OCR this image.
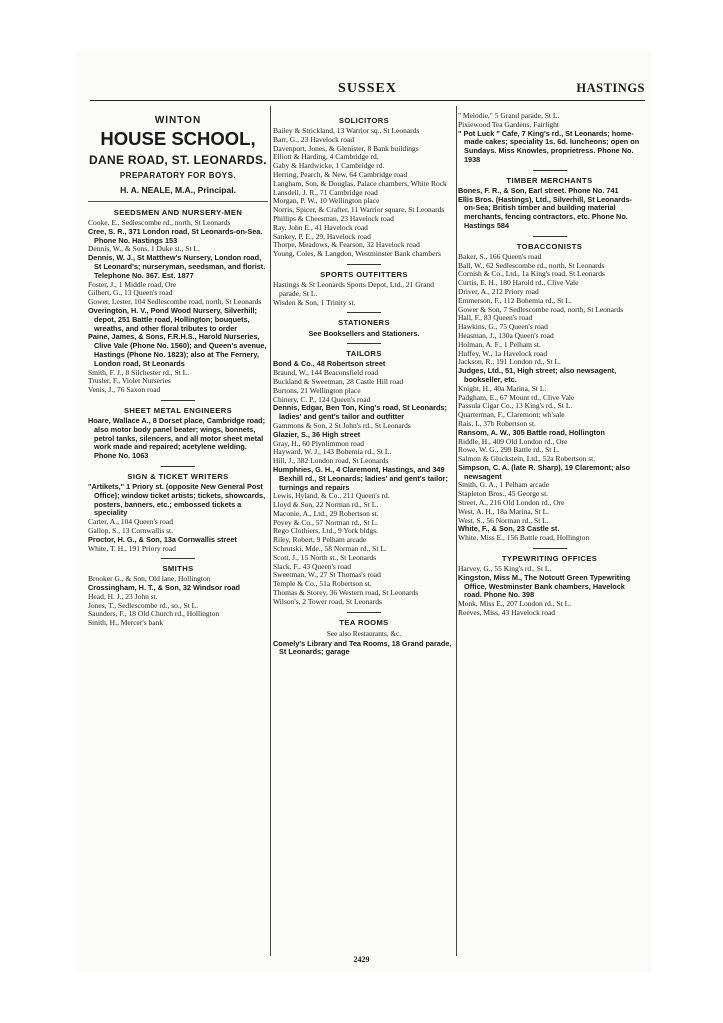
SUSSEX	HASTINGS
WINTON
HOUSE SCHOOL,
DANE ROAD, ST. LEONARDS.
PREPARATORY FOR BOYS.
H. A. NEALE, M.A., Principal.
SEEDSMEN AND NURSERY-MEN
Cooke, E., Sedlescombe rd., north, St Leonards
Cree, S. R., 371 London road, St Leonards-on-Sea. Phone No. Hastings 153
Dennis, W., & Sons, 1 Duke st., St L.
Dennis, W. J., St Matthew's Nursery, London road, St Leonard's; nurseryman, seedsman, and florist. Telephone No. 367. Est. 1877
Foster, J., 1 Middle road, Ore
Gilbert, G., 13 Queen's road
Gower, Lester, 104 Sedlescombe road, north, St Leonards
Overington, H. V., Pond Wood Nursery, Silverhill; depot, 251 Battle road, Hollington; bouquets, wreaths, and other floral tributes to order
Paine, James, & Sons, F.R.H.S., Harold Nurseries, Clive Vale (Phone No. 1560); and Queen's avenue, Hastings (Phone No. 1823); also at The Fernery, London road, St Leonards
Smith, F. J., 8 Silchester rd., St L.
Trusler, F., Violet Nurseries
Venis, J., 76 Saxon road
SHEET METAL ENGINEERS
Hoare, Wallace A., 8 Dorset place, Cambridge road; also motor body panel beater; wings, bonnets, petrol tanks, silencers, and all motor sheet metal work made and repaired; acetylene welding. Phone No. 1063
SIGN & TICKET WRITERS
"Artikets," 1 Priory st. (opposite New General Post Office); window ticket artists; tickets, showcards, posters, banners, etc.; embossed tickets a speciality
Carter, A., 104 Queen's road
Gallop, S., 13 Cornwallis st.
Proctor, H. G., & Son, 13a Cornwallis street
White, T. H., 191 Priory road
SMITHS
Brooker G., & Son, Old lane, Hollington
Crossingham, H. T., & Son, 32 Windsor road
Head, H. J., 23 John st.
Jones, T., Sedlescombe rd., so., St L.
Saunders, F., 18 Old Church rd., Hollington
Smith, H., Mercer's bank
SOLICITORS
Bailey & Strickland, 13 Warrior sq., St Leonards
Barr, G., 23 Havelock road
Davenport, Jones, & Glenister, 8 Bank buildings
Elliott & Harding, 4 Cambridge rd.
Gaby & Hardwicke, 1 Cambridge rd.
Herring, Pearch, & New, 64 Cambridge road
Langham, Son, & Douglas, Palace chambers, White Rock
Lansdell, J. R., 71 Cambridge road
Morgan, P. W., 10 Wellington place
Norris, Spicer, & Crafter, 11 Warrior square, St Leonards
Phillips & Cheesman, 23 Havelock road
Ray, John E., 41 Havelock road
Sankey, P. E., 29, Havelock road
Thorpe, Meadows, & Fearson, 32 Havelock road
Young, Coles, & Langdon, Westminster Bank chambers
SPORTS OUTFITTERS
Hastings & St Leonards Sports Depot, Ltd., 21 Grand parade, St L.
Wisden & Son, 1 Trinity st.
STATIONERS
See Booksellers and Stationers.
TAILORS
Bond & Co., 48 Robertson street
Braund, W., 144 Beaconsfield road
Buckland & Sweetman, 28 Castle Hill road
Burtons, 21 Wellington place
Chinery, C. P., 124 Queen's road
Dennis, Edgar, Ben Ton, King's road, St Leonards; ladies' and gent's tailor and outfitter
Gammons & Son, 2 St John's rd., St Leonards
Glazier, S., 36 High street
Gray, H., 60 Plynlimmon road
Hayward, W. J., 143 Bohemia rd., St L.
Hill, J., 382 London road, St Leonards
Humphries, G. H., 4 Claremont, Hastings, and 349 Bexhill rd., St Leonards; ladies' and gent's tailor; turnings and repairs
Lewis, Hyland, & Co., 211 Queen's rd.
Lloyd & Son, 22 Norman rd., St L.
Maconie, A., Ltd., 29 Robertson st.
Povey & Co., 57 Norman rd., St L.
Rego Clothiers, Ltd., 9 York bldgs.
Riley, Robert, 9 Pelham arcade
Schrutski, Mde., 58 Norman rd., St L.
Scott, J., 15 North st., St Leonards
Slack, F., 43 Queen's road
Sweetman, W., 27 St Thomas's road
Temple & Co., 51a Robertson st.
Thomas & Storey, 36 Western road, St Leonards
Wilson's, 2 Tower road, St Leonards
TEA ROOMS
See also Restaurants, &c.
Comely's Library and Tea Rooms, 18 Grand parade, St Leonards; garage
" Melodie," 5 Grand parade, St L.
Pixiewood Tea Gardens, Fairlight
" Pot Luck " Cafe, 7 King's rd., St Leonards; home-made cakes; speciality 1s. 6d. luncheons; open on Sundays. Miss Knowles, proprietress. Phone No. 1938
TIMBER MERCHANTS
Bones, F. R., & Son, Earl street. Phone No. 741
Ellis Bros. (Hastings), Ltd., Silverhill, St Leonards-on-Sea; British timber and building material merchants, fencing contractors, etc. Phone No. Hastings 584
TOBACCONISTS
Baker, S., 166 Queen's road
Ball, W., 62 Sedlescombe rd., north, St Leonards
Cornish & Co., Ltd., 1a King's road, St Leonards
Curtis, E. H., 180 Harold rd., Clive Vale
Driver, A., 212 Priory road
Emmerson, F., 112 Bohemia rd., St L.
Gower & Son, 7 Sedlescombe road, north, St Leonards
Hall, F., 83 Queen's road
Hawkins, G., 75 Queen's road
Heasman, J., 130a Queen's road
Holman, A. F., 1 Pelham st.
Huffey, W., 1a Havelock road
Jackson, R., 191 London rd., St L.
Judges, Ltd., 51, High street; also newsagent, bookseller, etc.
Knight, H., 40a Marina, St L.
Padgham, E., 67 Mount rd., Clive Vale
Passula Cigar Co., 13 King's rd., St L.
Quarterman, F., Claremont; wh'sale
Rais, I., 37b Robertson st.
Ransom, A. W., 305 Battle road, Hollington
Riddle, H., 409 Old London rd., Ore
Rowe, W. G., 299 Battle rd., St L.
Salmon & Gluckstein, Ltd., 52a Robertson st.
Simpson, C. A. (late R. Sharp), 19 Claremont; also newsagent
Smith, G. A., 1 Pelham arcade
Stapleton Bros., 45 George st.
Street, A., 216 Old London rd., Ore
West, A. H., 18a Marina, St L.
West, S., 56 Norman rd., St L.
White, F., & Son, 23 Castle st.
White, Miss E., 156 Battle road, Hollington
TYPEWRITING OFFICES
Harvey, G., 55 King's rd., St L.
Kingston, Miss M., The Notcutt Green Typewriting Office, Westminster Bank chambers, Havelock road. Phone No. 398
Monk, Miss E., 207 London rd., St L.
Reeves, Miss, 43 Havelock road
2429
